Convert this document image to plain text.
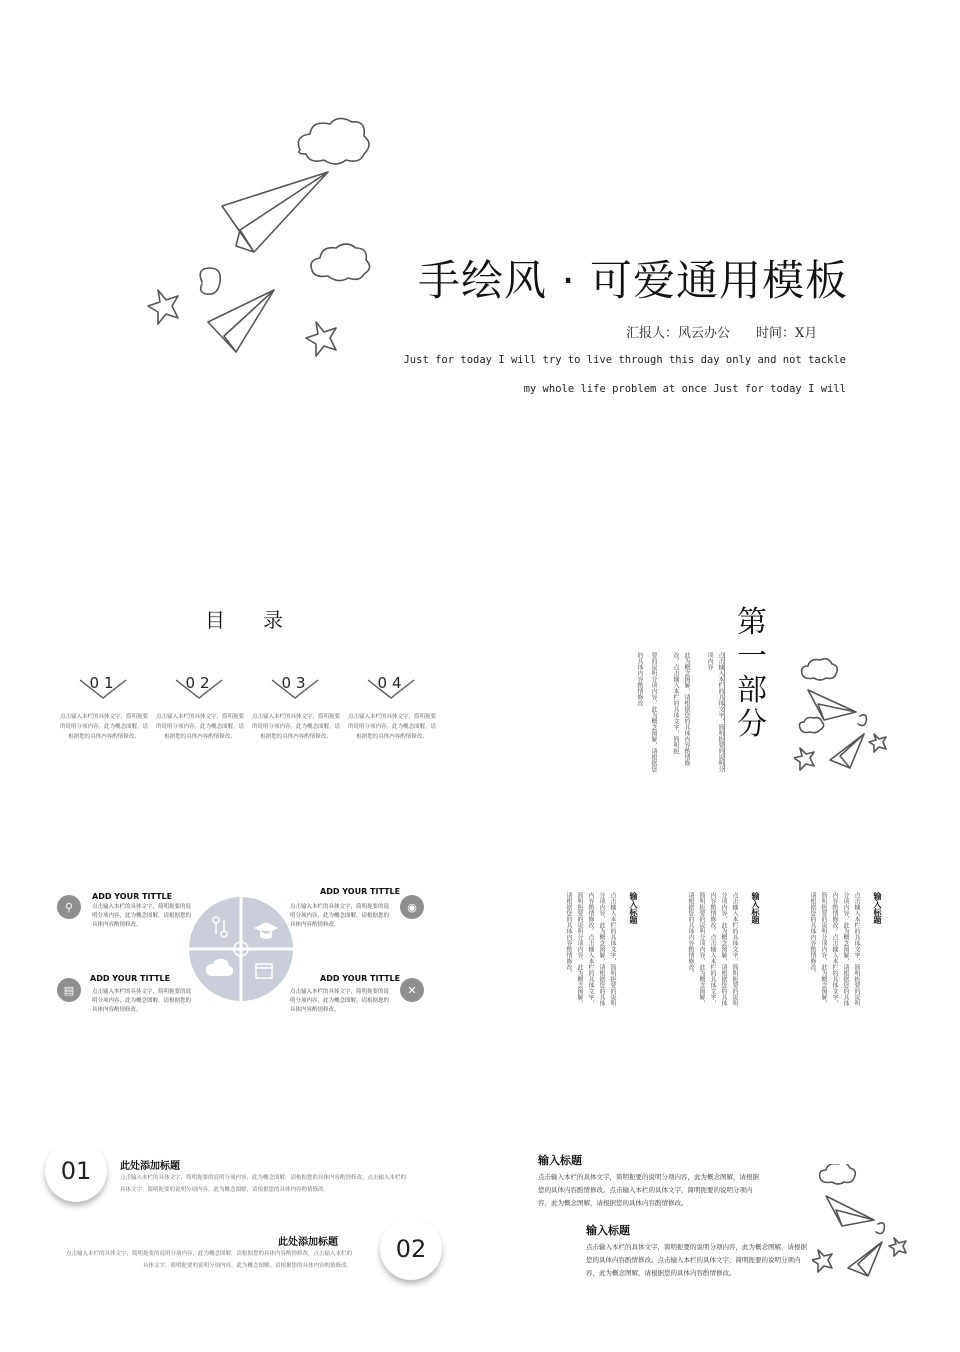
手绘风 · 可爱通用模板
汇报人：风云办公　　时间：X月
Just for today I will try to live through this day only and not tackle
my whole life problem at once Just for today I will
目录
01
点击输入本栏的具体文字，简明扼要的说明分项内容，此为概念图解，请根据您的具体内容酌情修改。
02
点击输入本栏的具体文字，简明扼要的说明分项内容，此为概念图解，请根据您的具体内容酌情修改。
03
点击输入本栏的具体文字，简明扼要的说明分项内容，此为概念图解，请根据您的具体内容酌情修改。
04
点击输入本栏的具体文字，简明扼要的说明分项内容，此为概念图解，请根据您的具体内容酌情修改。	点击输入本栏的具体文字，简明扼要的说明分项内容
此为概念图解，请根据您的具体内容酌情修改。点击输入本栏的具体文字，简明扼
要的说明分项内容，此为概念图解，请根据您
的具体内容酌情修改
第一部分
⚲
ADD YOUR TITTLE
点击输入本栏的具体文字，简明扼要的说明分项内容，此为概念图解，请根据您的具体内容酌情修改。
◉
ADD YOUR TITTLE
点击输入本栏的具体文字，简明扼要的说明分项内容，此为概念图解，请根据您的具体内容酌情修改。
▤
ADD YOUR TITTLE
点击输入本栏的具体文字，简明扼要的说明分项内容，此为概念图解，请根据您的具体内容酌情修改。
✕
ADD YOUR TITTLE
点击输入本栏的具体文字，简明扼要的说明分项内容，此为概念图解，请根据您的具体内容酌情修改。
输入标题
点击输入本栏的具体文字，简明扼要的说明分项内容，此为概念图解，请根据您的具体内容酌情修改。点击输入本栏的具体文字，简明扼要的说明分项内容，此为概念图解，请根据您的具体内容酌情修改。
输入标题
点击输入本栏的具体文字，简明扼要的说明分项内容，此为概念图解，请根据您的具体内容酌情修改。点击输入本栏的具体文字，简明扼要的说明分项内容，此为概念图解，请根据您的具体内容酌情修改。
输入标题
点击输入本栏的具体文字，简明扼要的说明分项内容，此为概念图解，请根据您的具体内容酌情修改。点击输入本栏的具体文字，简明扼要的说明分项内容，此为概念图解，请根据您的具体内容酌情修改。
01	此处添加标题
点击输入本栏的具体文字，简明扼要的说明分项内容，此为概念图解，请根据您的具体内容酌情修改。点击输入本栏的具体文字，简明扼要的说明分项内容，此为概念图解，请根据您的具体内容酌情修改。
02
此处添加标题
点击输入本栏的具体文字，简明扼要的说明分项内容，此为概念图解，请根据您的具体内容酌情修改。点击输入本栏的具体文字，简明扼要的说明分项内容，此为概念图解，请根据您的具体内容酌情修改。
输入标题
点击输入本栏的具体文字，简明扼要的说明分项内容，此为概念图解，请根据您的具体内容酌情修改。点击输入本栏的具体文字，简明扼要的说明分项内容，此为概念图解，请根据您的具体内容酌情修改。
输入标题
点击输入本栏的具体文字，简明扼要的说明分项内容，此为概念图解，请根据您的具体内容酌情修改。点击输入本栏的具体文字，简明扼要的说明分项内容，此为概念图解，请根据您的具体内容酌情修改。
